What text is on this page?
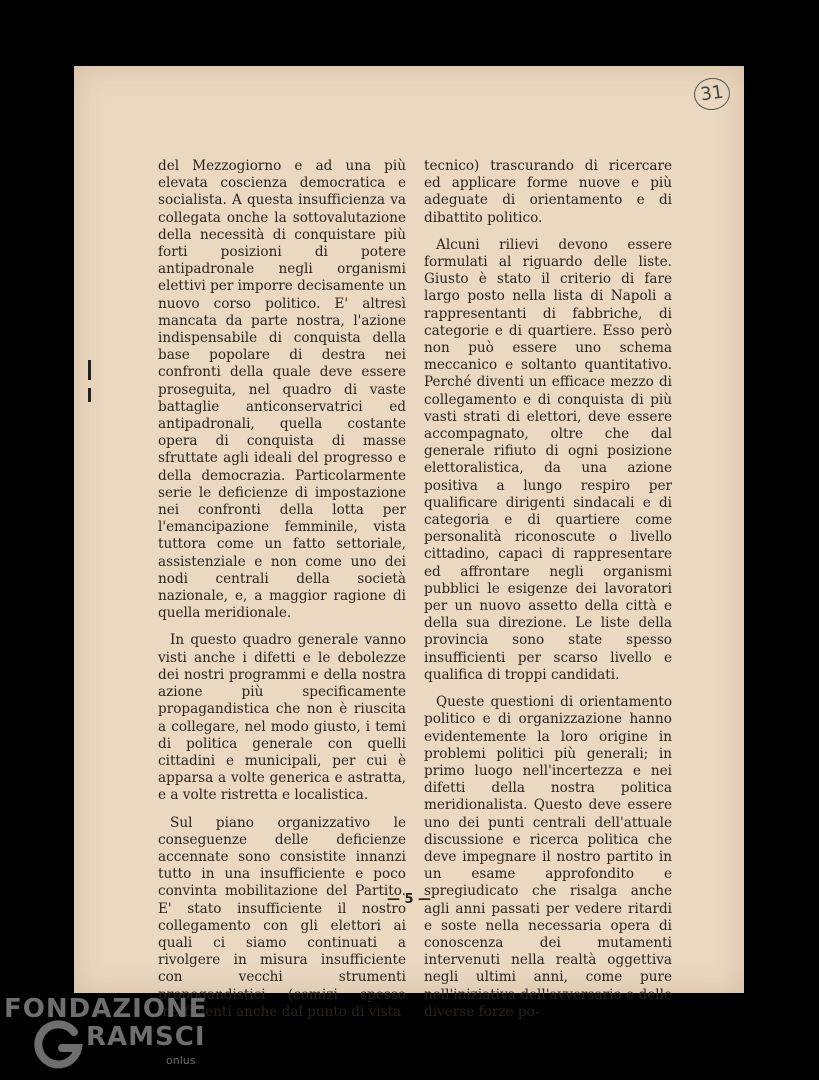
31

del Mezzogiorno e ad una più elevata coscienza democratica e socialista. A questa insufficienza va collegata onche la sottovalutazione della necessità di conquistare più forti posizioni di potere antipadronale negli organismi elettivi per imporre decisamente un nuovo corso politico. E' altresì mancata da parte nostra, l'azione indispensabile di conquista della base popolare di destra nei confronti della quale deve essere proseguita, nel quadro di vaste battaglie anticonservatrici ed antipadronali, quella costante opera di conquista di masse sfruttate agli ideali del progresso e della democrazia. Particolarmente serie le deficienze di impostazione nei confronti della lotta per l'emancipazione femminile, vista tuttora come un fatto settoriale, assistenziale e non come uno dei nodi centrali della società nazionale, e, a maggior ragione di quella meridionale.

In questo quadro generale vanno visti anche i difetti e le debolezze dei nostri programmi e della nostra azione più specificamente propagandistica che non è riuscita a collegare, nel modo giusto, i temi di politica generale con quelli cittadini e municipali, per cui è apparsa a volte generica e astratta, e a volte ristretta e localistica.

Sul piano organizzativo le conseguenze delle deficienze accennate sono consistite innanzi tutto in una insufficiente e poco convinta mobilitazione del Partito. E' stato insufficiente il nostro collegamento con gli elettori ai quali ci siamo continuati a rivolgere in misura insufficiente con vecchi strumenti propogandistici (comizi spesso inefficienti anche dal punto di vista

tecnico) trascurando di ricercare ed applicare forme nuove e più adeguate di orientamento e di dibattito politico.

Alcuni rilievi devono essere formulati al riguardo delle liste. Giusto è stato il criterio di fare largo posto nella lista di Napoli a rappresentanti di fabbriche, di categorie e di quartiere. Esso però non può essere uno schema meccanico e soltanto quantitativo. Perché diventi un efficace mezzo di collegamento e di conquista di più vasti strati di elettori, deve essere accompagnato, oltre che dal generale rifiuto di ogni posizione elettoralistica, da una azione positiva a lungo respiro per qualificare dirigenti sindacali e di categoria e di quartiere come personalità riconoscute o livello cittadino, capaci di rappresentare ed affrontare negli organismi pubblici le esigenze dei lavoratori per un nuovo assetto della città e della sua direzione. Le liste della provincia sono state spesso insufficienti per scarso livello e qualifica di troppi candidati.

Queste questioni di orientamento politico e di organizzazione hanno evidentemente la loro origine in problemi politici più generali; in primo luogo nell'incertezza e nei difetti della nostra politica meridionalista. Questo deve essere uno dei punti centrali dell'attuale discussione e ricerca politica che deve impegnare il nostro partito in un esame approfondito e spregiudicato che risalga anche agli anni passati per vedere ritardi e soste nella necessaria opera di conoscenza dei mutamenti intervenuti nella realtà oggettiva negli ultimi anni, come pure nell'iniziativa dell'avversario e delle diverse forze po-

— 5 —
FONDAZIONE
RAMSCI
onlus
